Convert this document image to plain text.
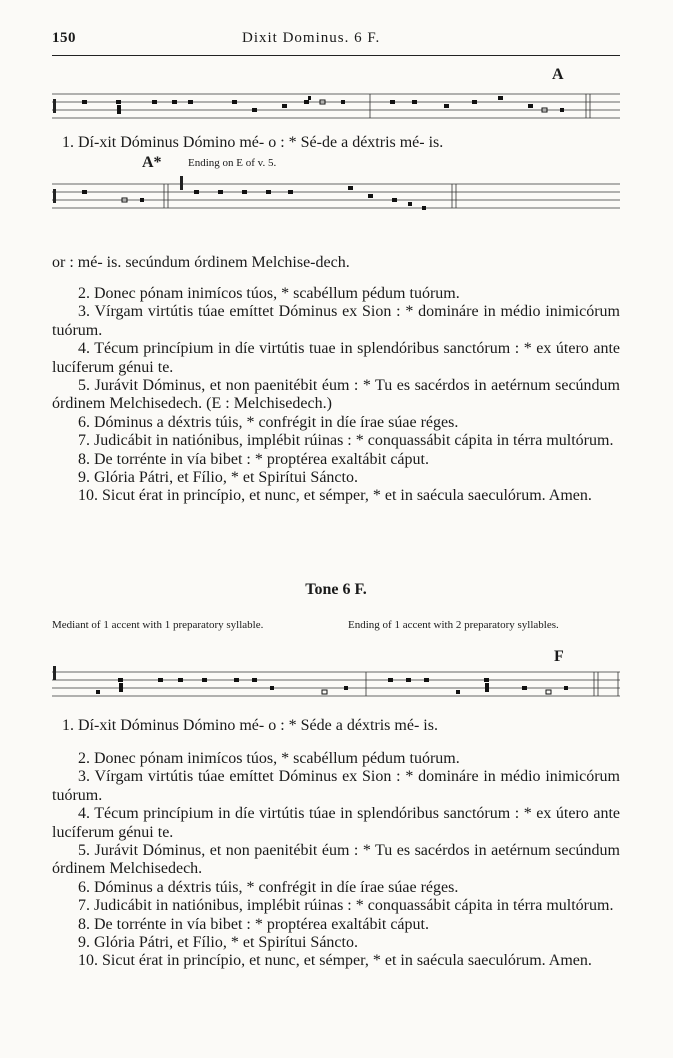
150	Dixit Dominus. 6 F.
A
1. Dí-xit Dóminus Dómino mé- o : * Sé-de a déxtris mé- is.
A* Ending on E of v. 5.
or : mé- is. secúndum órdinem Melchise-dech.

2. Donec pónam inimícos túos, * scabéllum pédum tuórum.

3. Vírgam virtútis túae emíttet Dóminus ex Sion : * domináre in médio inimicórum tuórum.

4. Técum princípium in díe virtútis tuae in splendóribus sanctórum : * ex útero ante lucíferum génui te.

5. Jurávit Dóminus, et non paenitébit éum : * Tu es sacérdos in aetérnum secúndum órdinem Melchisedech. (E : Melchisedech.)

6. Dóminus a déxtris túis, * confrégit in díe írae súae réges.

7. Judicábit in natiónibus, implébit rúinas : * conquassábit cápita in térra multórum.

8. De torrénte in vía bibet : * proptérea exaltábit cáput.

9. Glória Pátri, et Fílio, * et Spirítui Sáncto.

10. Sicut érat in princípio, et nunc, et sémper, * et in saécula saeculórum. Amen.

Tone 6 F.
Mediant of 1 accent with 1 preparatory syllable.	Ending of 1 accent with 2 preparatory syllables.
F
1. Dí-xit Dóminus Dómino mé- o : * Séde a déxtris mé- is.

2. Donec pónam inimícos túos, * scabéllum pédum tuórum.

3. Vírgam virtútis túae emíttet Dóminus ex Sion : * domináre in médio inimicórum tuórum.

4. Técum princípium in díe virtútis túae in splendóribus sanctórum : * ex útero ante lucíferum génui te.

5. Jurávit Dóminus, et non paenitébit éum : * Tu es sacérdos in aetérnum secúndum órdinem Melchisedech.

6. Dóminus a déxtris túis, * confrégit in díe írae súae réges.

7. Judicábit in natiónibus, implébit rúinas : * conquassábit cápita in térra multórum.

8. De torrénte in vía bibet : * proptérea exaltábit cáput.

9. Glória Pátri, et Fílio, * et Spirítui Sáncto.

10. Sicut érat in princípio, et nunc, et sémper, * et in saécula saeculórum. Amen.
